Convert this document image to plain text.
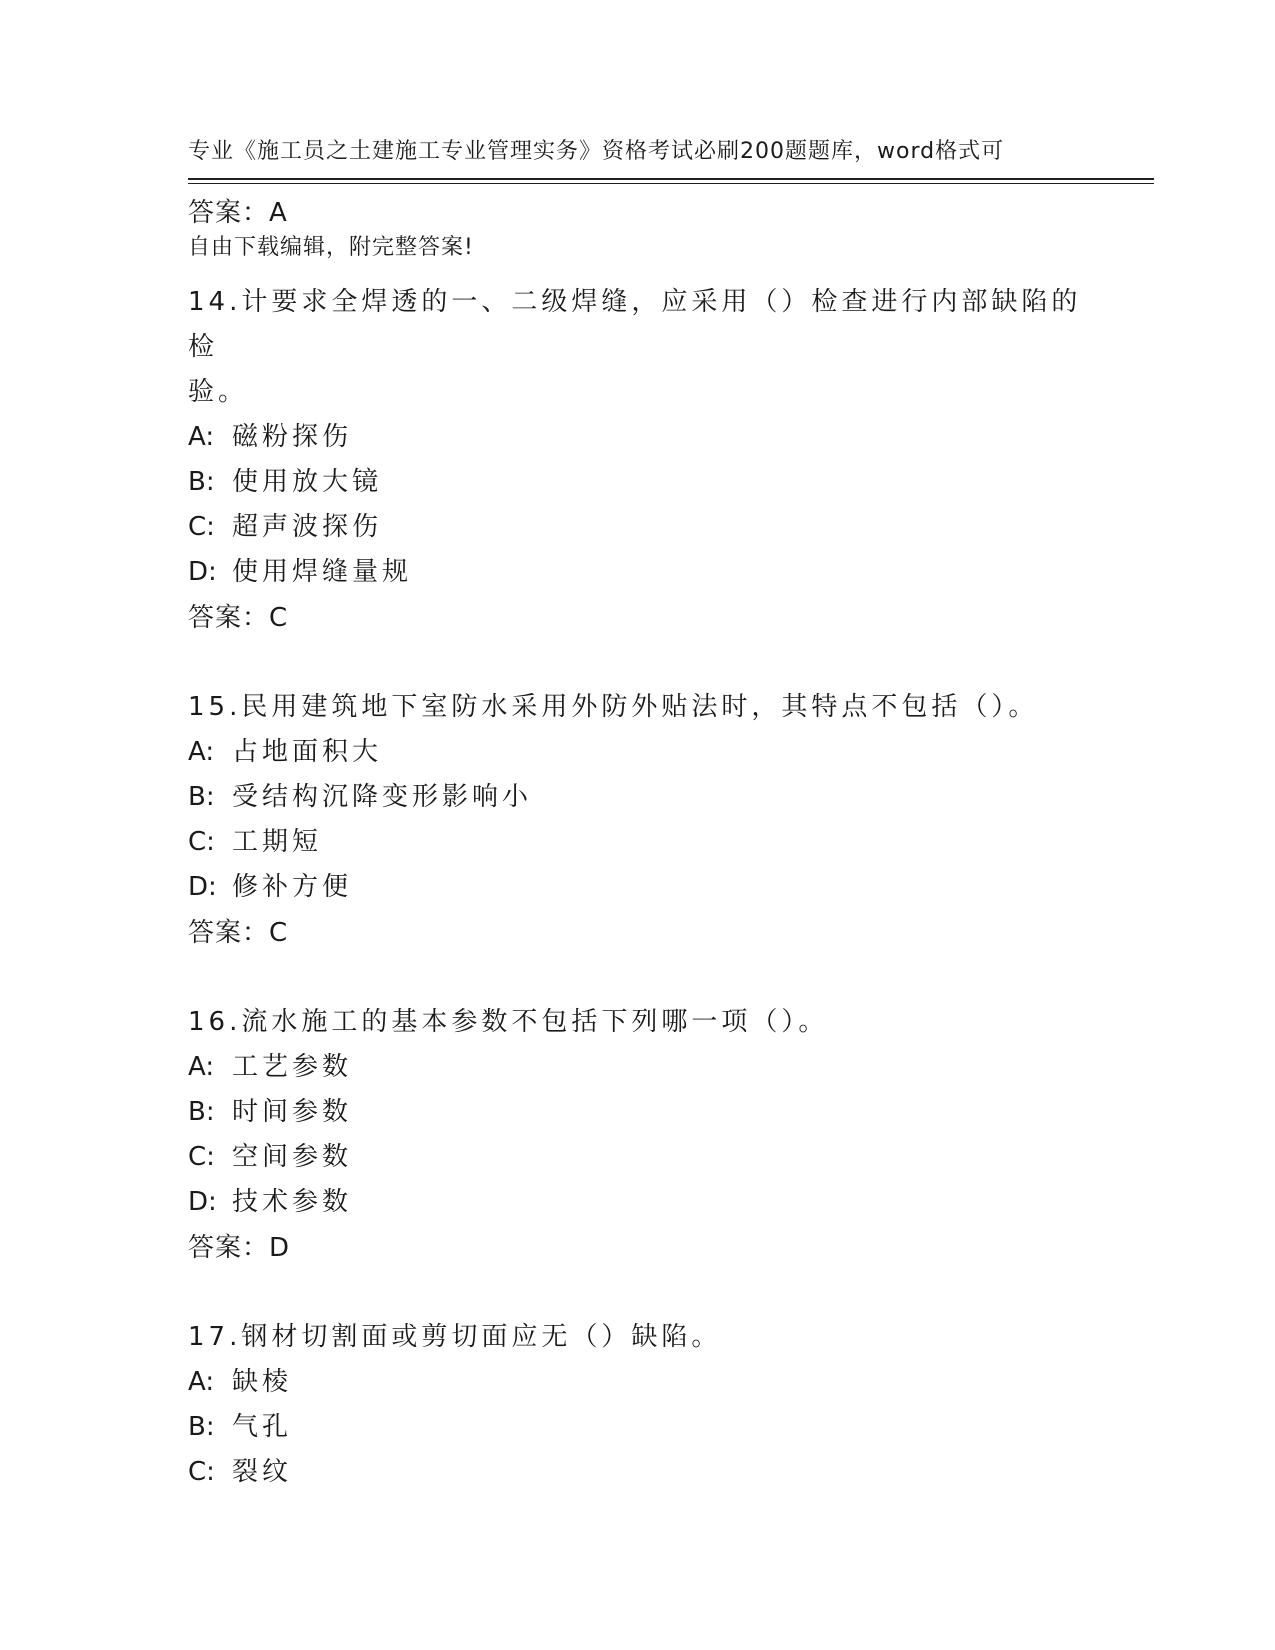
专业《施工员之土建施工专业管理实务》资格考试必刷200题题库，word格式可

自由下载编辑，附完整答案!

答案：A
14.计要求全焊透的一、二级焊缝，应采用（）检查进行内部缺陷的检
验。
A: 磁粉探伤
B: 使用放大镜
C: 超声波探伤
D: 使用焊缝量规
答案：C
15.民用建筑地下室防水采用外防外贴法时，其特点不包括（）。
A: 占地面积大
B: 受结构沉降变形影响小
C: 工期短
D: 修补方便
答案：C
16.流水施工的基本参数不包括下列哪一项（）。
A: 工艺参数
B: 时间参数
C: 空间参数
D: 技术参数
答案：D
17.钢材切割面或剪切面应无（）缺陷。
A: 缺棱
B: 气孔
C: 裂纹
